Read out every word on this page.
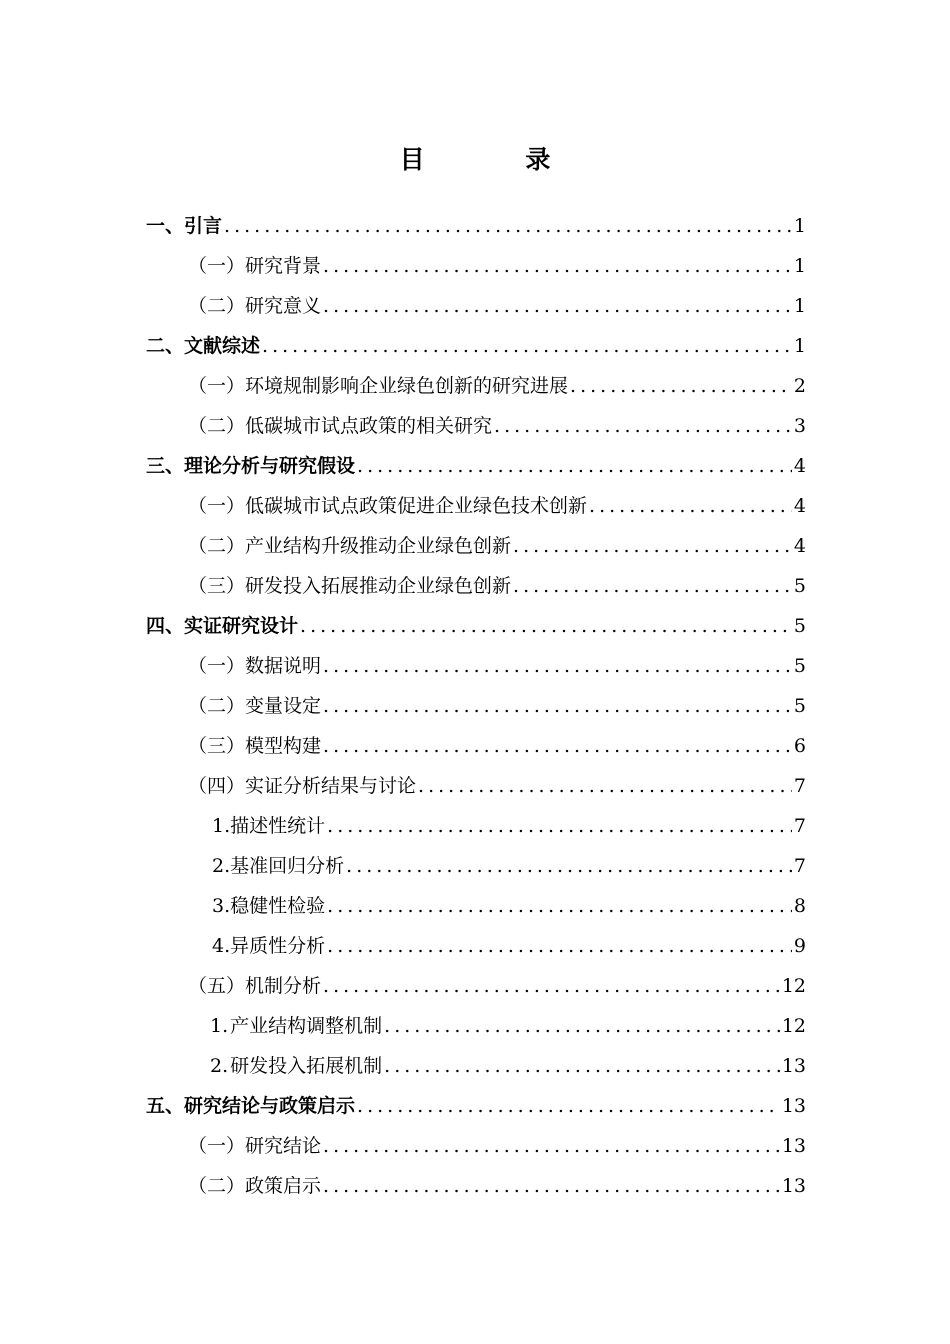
目 录
一、 引言 .....	1
（一） 研究背景 .....	1
（二） 研究意义 .....	1
二、 文献综述 .....	1
（一） 环境规制影响企业绿色创新的研究进展 .....	2
（二） 低碳城市试点政策的相关研究 .....	3
三、 理论分析与研究假设 .....	4
（一） 低碳城市试点政策促进企业绿色技术创新 .....	4
（二） 产业结构升级推动企业绿色创新 .....	4
（三） 研发投入拓展推动企业绿色创新 .....	5
四、 实证研究设计 .....	5
（一） 数据说明 .....	5
（二） 变量设定 .....	5
（三） 模型构建 .....	6
（四） 实证分析结果与讨论 .....	7
1. 描述性统计 .....	7
2. 基准回归分析 .....	7
3. 稳健性检验 .....	8
4. 异质性分析 .....	9
（五） 机制分析 .....	12
1. 产业结构调整机制 .....	12
2. 研发投入拓展机制 .....	13
五、 研究结论与政策启示 .....	13
（一） 研究结论 .....	13
（二） 政策启示 .....	13
